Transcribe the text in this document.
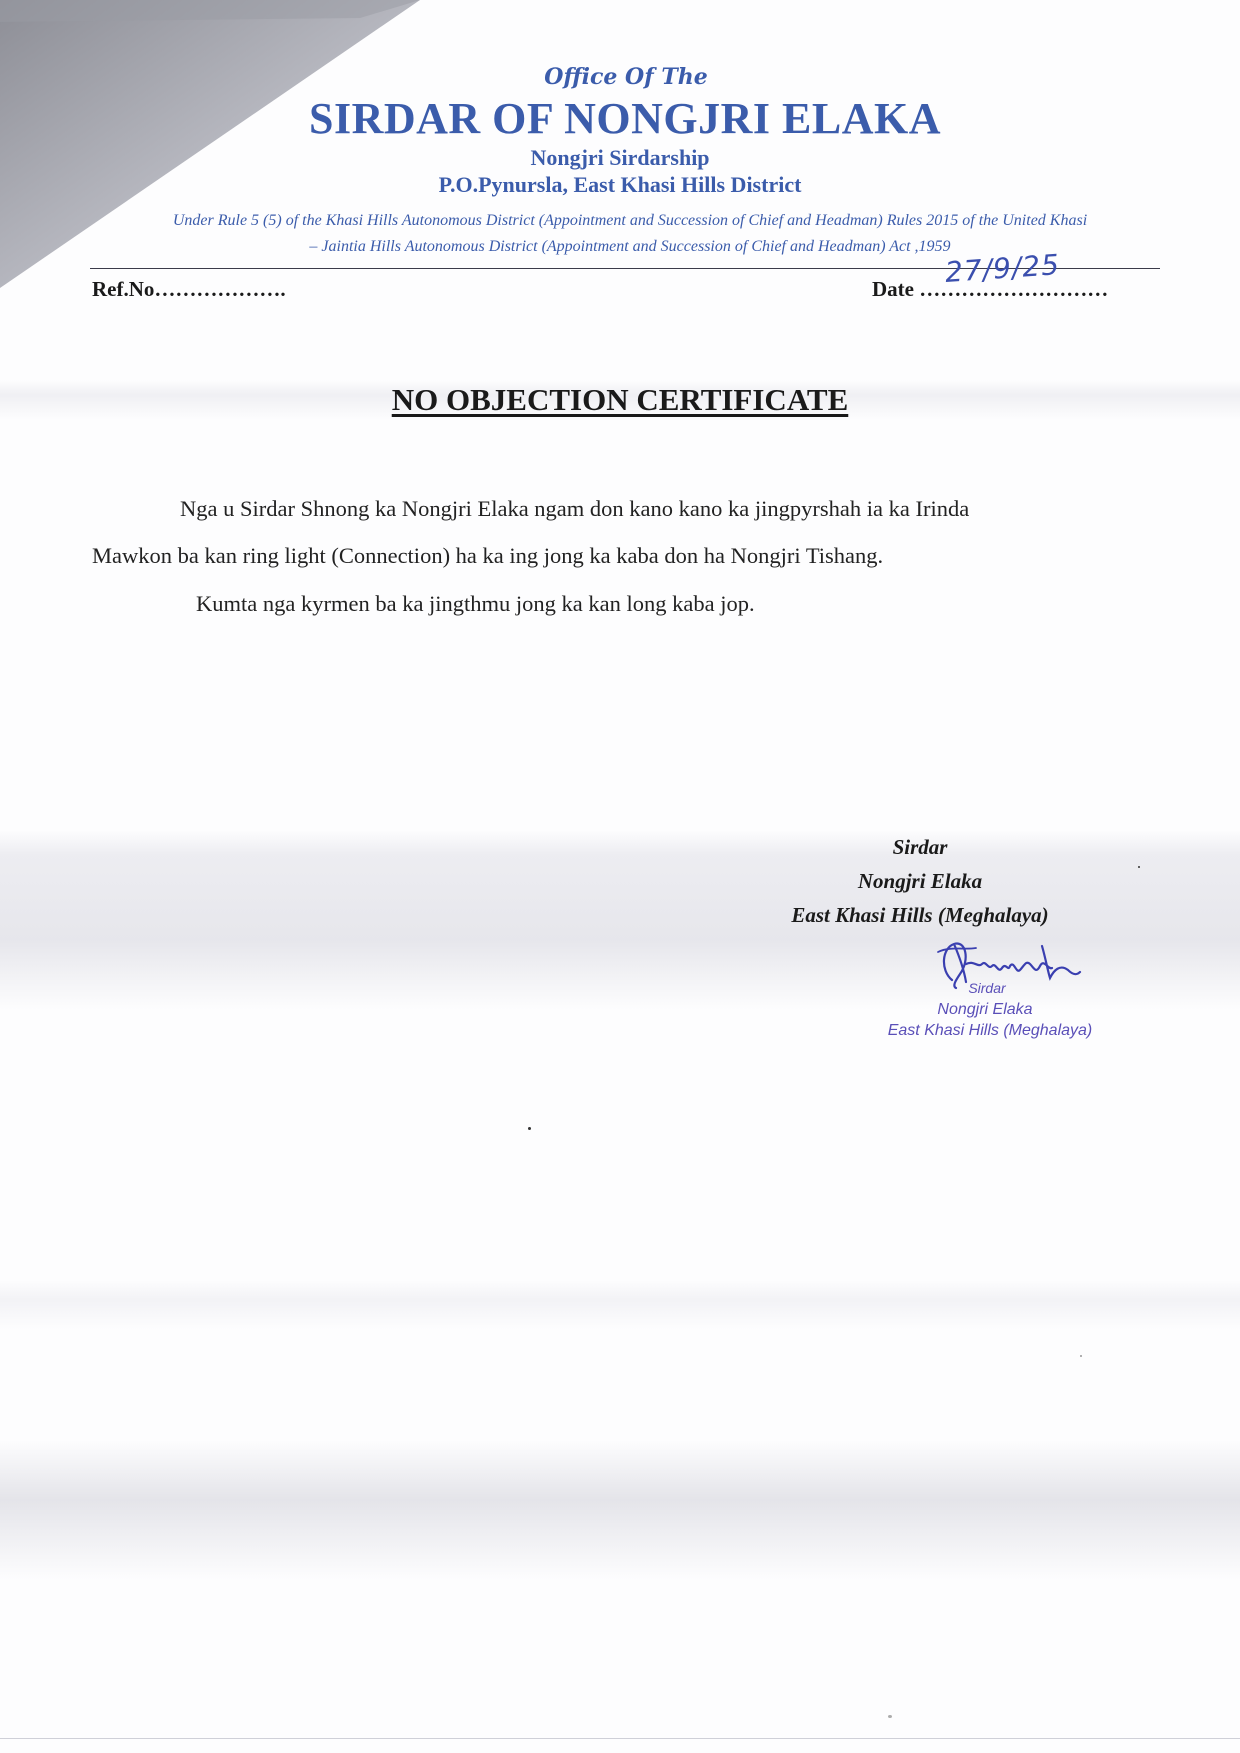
Office Of The
SIRDAR OF NONGJRI ELAKA
Nongjri Sirdarship
P.O.Pynursla, East Khasi Hills District
Under Rule 5 (5) of the Khasi Hills Autonomous District (Appointment and Succession of Chief and Headman) Rules 2015 of the United Khasi
– Jaintia Hills Autonomous District (Appointment and Succession of Chief and Headman) Act ,1959
Ref.No……………….	Date ………………………
27/9/25
NO OBJECTION CERTIFICATE
Nga u Sirdar Shnong ka Nongjri Elaka ngam don kano kano ka jingpyrshah ia ka Irinda
Mawkon ba kan ring light (Connection) ha ka ing jong ka kaba don ha Nongjri Tishang.
Kumta nga kyrmen ba ka jingthmu jong ka kan long kaba jop.
Sirdar
Nongjri Elaka
East Khasi Hills (Meghalaya)
Sirdar
Nongjri Elaka
East Khasi Hills (Meghalaya)
